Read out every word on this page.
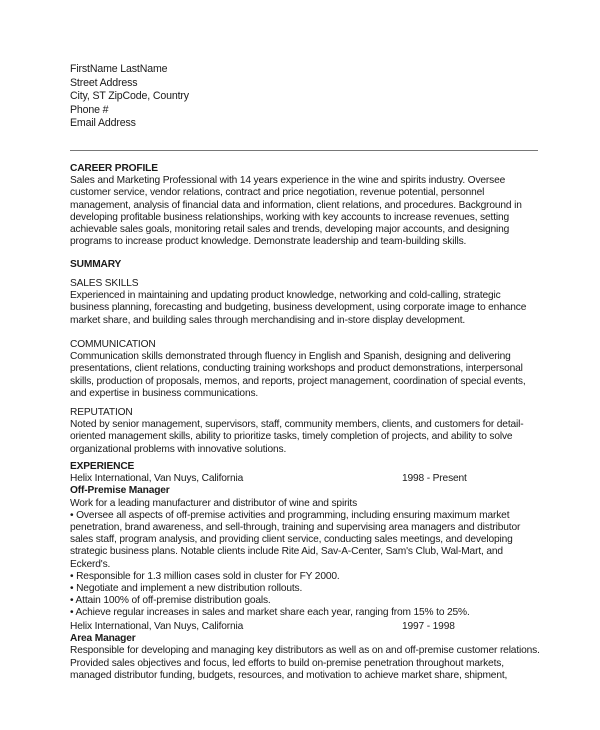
FirstName LastName
Street Address
City, ST ZipCode, Country
Phone #
Email Address
CAREER PROFILE
Sales and Marketing Professional with 14 years experience in the wine and spirits industry. Oversee
customer service, vendor relations, contract and price negotiation, revenue potential, personnel
management, analysis of financial data and information, client relations, and procedures. Background in
developing profitable business relationships, working with key accounts to increase revenues, setting
achievable sales goals, monitoring retail sales and trends, developing major accounts, and designing
programs to increase product knowledge. Demonstrate leadership and team-building skills.
SUMMARY
SALES SKILLS
Experienced in maintaining and updating product knowledge, networking and cold-calling, strategic
business planning, forecasting and budgeting, business development, using corporate image to enhance
market share, and building sales through merchandising and in-store display development.
COMMUNICATION
Communication skills demonstrated through fluency in English and Spanish, designing and delivering
presentations, client relations, conducting training workshops and product demonstrations, interpersonal
skills, production of proposals, memos, and reports, project management, coordination of special events,
and expertise in business communications.
REPUTATION
Noted by senior management, supervisors, staff, community members, clients, and customers for detail-
oriented management skills, ability to prioritize tasks, timely completion of projects, and ability to solve
organizational problems with innovative solutions.
EXPERIENCE
Helix International, Van Nuys, California	1998 - Present
Off-Premise Manager
Work for a leading manufacturer and distributor of wine and spirits
• Oversee all aspects of off-premise activities and programming, including ensuring maximum market
penetration, brand awareness, and sell-through, training and supervising area managers and distributor
sales staff, program analysis, and providing client service, conducting sales meetings, and developing
strategic business plans. Notable clients include Rite Aid, Sav-A-Center, Sam's Club, Wal-Mart, and
Eckerd's.
• Responsible for 1.3 million cases sold in cluster for FY 2000.
• Negotiate and implement a new distribution rollouts.
• Attain 100% of off-premise distribution goals.
• Achieve regular increases in sales and market share each year, ranging from 15% to 25%.
Helix International, Van Nuys, California	1997 - 1998
Area Manager
Responsible for developing and managing key distributors as well as on and off-premise customer relations.
Provided sales objectives and focus, led efforts to build on-premise penetration throughout markets,
managed distributor funding, budgets, resources, and motivation to achieve market share, shipment,
